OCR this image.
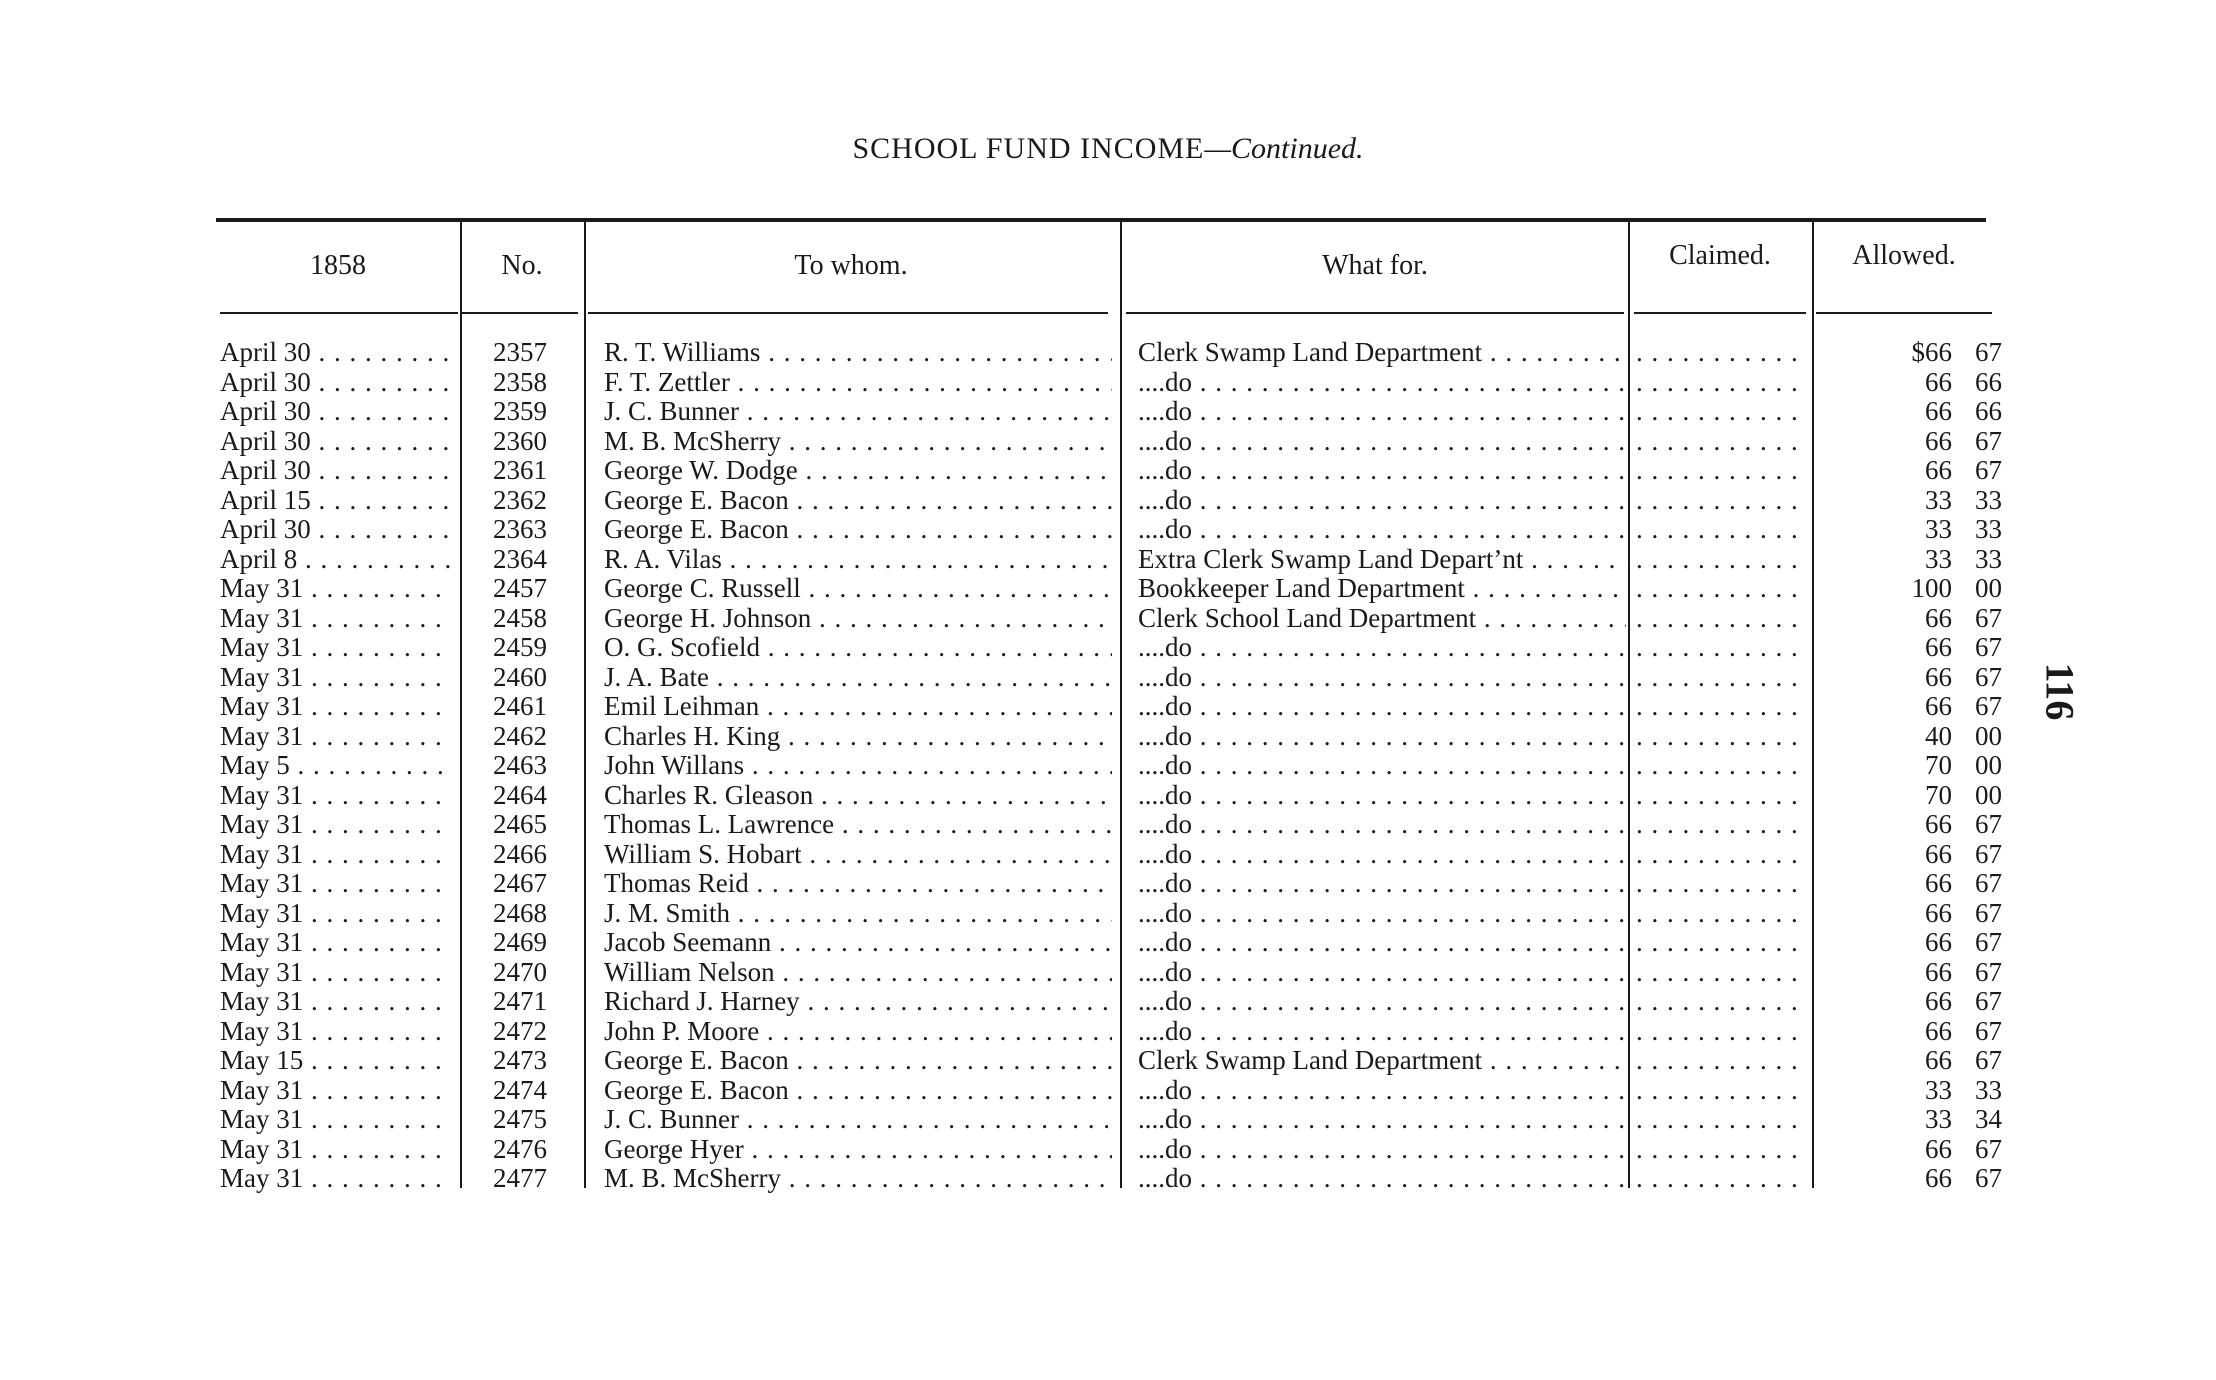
SCHOOL FUND INCOME—Continued.
116
1858	No.	To whom.	What for.	Claimed.	Allowed.
April 30 . . .	2357	R. T. Williams . . .	Clerk Swamp Land Department . . . . . .	$66 67
April 30 . . .	2358	F. T. Zettler . . .	....do . . . . . .	66 66
April 30 . . .	2359	J. C. Bunner . . .	....do . . . . . .	66 66
April 30 . . .	2360	M. B. McSherry . . .	....do . . . . . .	66 67
April 30 . . .	2361	George W. Dodge . . .	....do . . . . . .	66 67
April 15 . . .	2362	George E. Bacon . . .	....do . . . . . .	33 33
April 30 . . .	2363	George E. Bacon . . .	....do . . . . . .	33 33
April 8 . . .	2364	R. A. Vilas . . .	Extra Clerk Swamp Land Depart’nt . . . . . .	33 33
May 31 . . .	2457	George C. Russell . . .	Bookkeeper Land Department . . . . . .	100 00
May 31 . . .	2458	George H. Johnson . . .	Clerk School Land Department . . . . . .	66 67
May 31 . . .	2459	O. G. Scofield . . .	....do . . . . . .	66 67
May 31 . . .	2460	J. A. Bate . . .	....do . . . . . .	66 67
May 31 . . .	2461	Emil Leihman . . .	....do . . . . . .	66 67
May 31 . . .	2462	Charles H. King . . .	....do . . . . . .	40 00
May 5 . . .	2463	John Willans . . .	....do . . . . . .	70 00
May 31 . . .	2464	Charles R. Gleason . . .	....do . . . . . .	70 00
May 31 . . .	2465	Thomas L. Lawrence . . .	....do . . . . . .	66 67
May 31 . . .	2466	William S. Hobart . . .	....do . . . . . .	66 67
May 31 . . .	2467	Thomas Reid . . .	....do . . . . . .	66 67
May 31 . . .	2468	J. M. Smith . . .	....do . . . . . .	66 67
May 31 . . .	2469	Jacob Seemann . . .	....do . . . . . .	66 67
May 31 . . .	2470	William Nelson . . .	....do . . . . . .	66 67
May 31 . . .	2471	Richard J. Harney . . .	....do . . . . . .	66 67
May 31 . . .	2472	John P. Moore . . .	....do . . . . . .	66 67
May 15 . . .	2473	George E. Bacon . . .	Clerk Swamp Land Department . . . . . .	66 67
May 31 . . .	2474	George E. Bacon . . .	....do . . . . . .	33 33
May 31 . . .	2475	J. C. Bunner . . .	....do . . . . . .	33 34
May 31 . . .	2476	George Hyer . . .	....do . . . . . .	66 67
May 31 . . .	2477	M. B. McSherry . . .	....do . . . . . .	66 67
